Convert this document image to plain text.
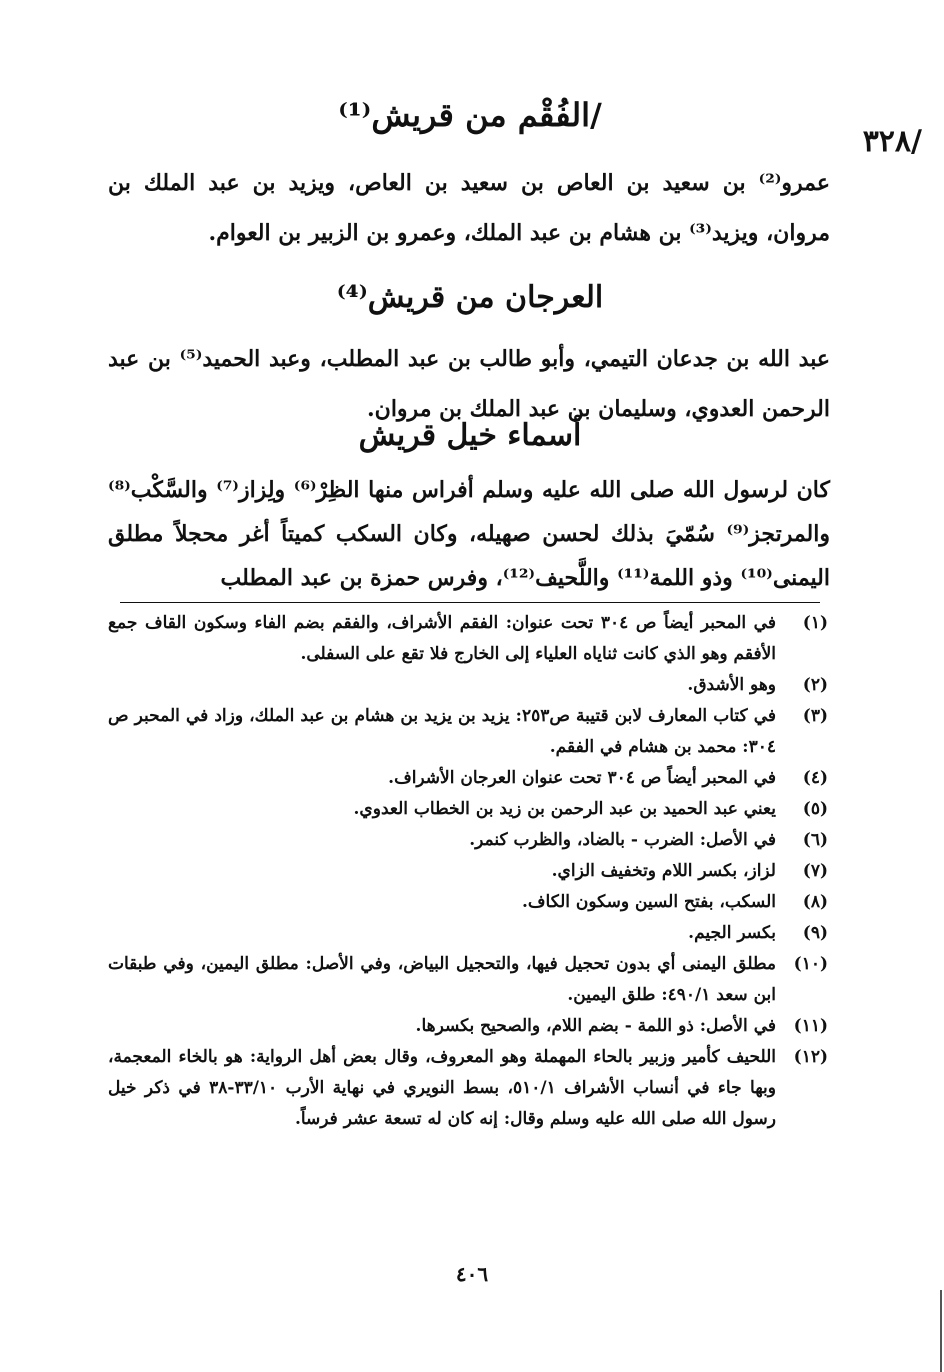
/٣٢٨
/الفُقْم من قريش⁽¹⁾
عمرو⁽²⁾ بن سعيد بن العاص بن سعيد بن العاص، ويزيد بن عبد الملك بن مروان، ويزيد⁽³⁾ بن هشام بن عبد الملك، وعمرو بن الزبير بن العوام.
العرجان من قريش⁽⁴⁾
عبد الله بن جدعان التيمي، وأبو طالب بن عبد المطلب، وعبد الحميد⁽⁵⁾ بن عبد الرحمن العدوي، وسليمان بن عبد الملك بن مروان.
أسماء خيل قريش
كان لرسول الله صلى الله عليه وسلم أفراس منها الظِرْ⁽⁶⁾ ولِزاز⁽⁷⁾ والسَّكْب⁽⁸⁾ والمرتجز⁽⁹⁾ سُمّيَ بذلك لحسن صهيله، وكان السكب كميتاً أغر محجلاً مطلق اليمنى⁽¹⁰⁾ وذو اللمة⁽¹¹⁾ واللَّحيف⁽¹²⁾، وفرس حمزة بن عبد المطلب
(١)
في المحبر أيضاً ص ٣٠٤ تحت عنوان: الفقم الأشراف، والفقم بضم الفاء وسكون القاف جمع الأفقم وهو الذي كانت ثناياه العلياء إلى الخارج فلا تقع على السفلى.
(٢)
وهو الأشدق.
(٣)
في كتاب المعارف لابن قتيبة ص٢٥٣: يزيد بن يزيد بن هشام بن عبد الملك، وزاد في المحبر ص ٣٠٤: محمد بن هشام في الفقم.
(٤)
في المحبر أيضاً ص ٣٠٤ تحت عنوان العرجان الأشراف.
(٥)
يعني عبد الحميد بن عبد الرحمن بن زيد بن الخطاب العدوي.
(٦)
في الأصل: الضرب - بالضاد، والظرب كنمر.
(٧)
لزاز، بكسر اللام وتخفيف الزاي.
(٨)
السكب، بفتح السين وسكون الكاف.
(٩)
بكسر الجيم.
(١٠)
مطلق اليمنى أي بدون تحجيل فيها، والتحجيل البياض، وفي الأصل: مطلق اليمين، وفي طبقات ابن سعد ٤٩٠/١: طلق اليمين.
(١١)
في الأصل: ذو اللمة - بضم اللام، والصحيح بكسرها.
(١٢)
اللحيف كأمير وزبير بالحاء المهملة وهو المعروف، وقال بعض أهل الرواية: هو بالخاء المعجمة، وبها جاء في أنساب الأشراف ٥١٠/١، بسط النويري في نهاية الأرب ٣٣/١٠-٣٨ في ذكر خيل رسول الله صلى الله عليه وسلم وقال: إنه كان له تسعة عشر فرساً.
٤٠٦
